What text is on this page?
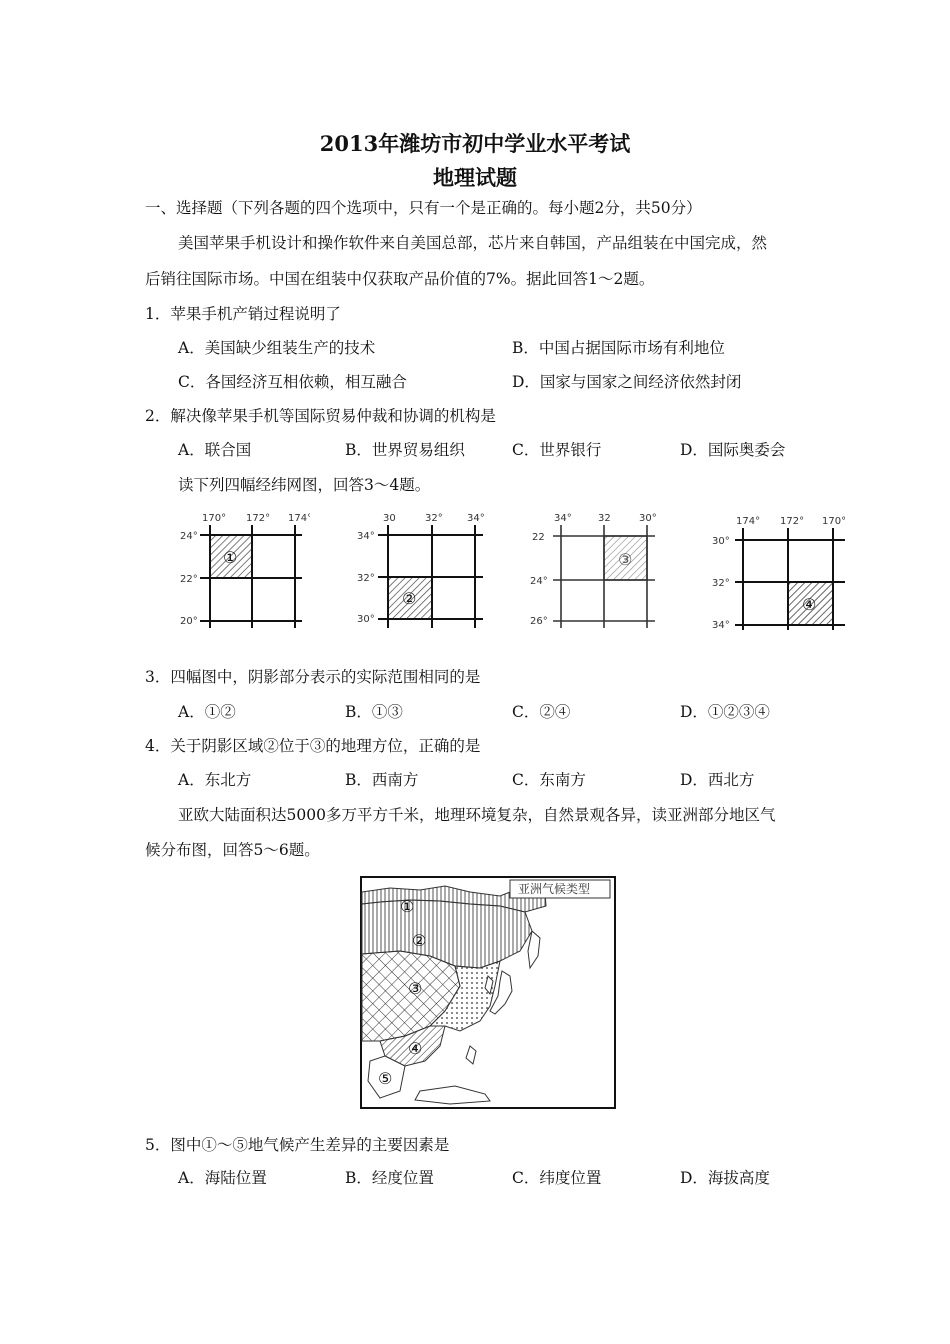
2013年潍坊市初中学业水平考试
地理试题
一、选择题（下列各题的四个选项中，只有一个是正确的。每小题2分，共50分）
美国苹果手机设计和操作软件来自美国总部，芯片来自韩国，产品组装在中国完成，然
后销往国际市场。中国在组装中仅获取产品价值的7%。据此回答1～2题。
1．苹果手机产销过程说明了
A．美国缺少组装生产的技术	B．中国占据国际市场有利地位
C．各国经济互相依赖，相互融合	D．国家与国家之间经济依然封闭
2．解决像苹果手机等国际贸易仲裁和协调的机构是
A．联合国	B．世界贸易组织	C．世界银行	D．国际奥委会
读下列四幅经纬网图，回答3～4题。
170° 172° 174°
24°
22°
20°
①
30	32° 34°
34°
32°
30°
②
34°	32	30°
22
24°
26°
③
174° 172° 170°
30°
32°
34°
④
3．四幅图中，阴影部分表示的实际范围相同的是
A．①②	B．①③	C．②④	D．①②③④
4．关于阴影区域②位于③的地理方位，正确的是
A．东北方	B．西南方	C．东南方	D．西北方
亚欧大陆面积达5000多万平方千米，地理环境复杂，自然景观各异，读亚洲部分地区气
候分布图，回答5～6题。
亚洲气候类型
①
②
③
④
⑤
5．图中①～⑤地气候产生差异的主要因素是
A．海陆位置	B．经度位置	C．纬度位置	D．海拔高度
